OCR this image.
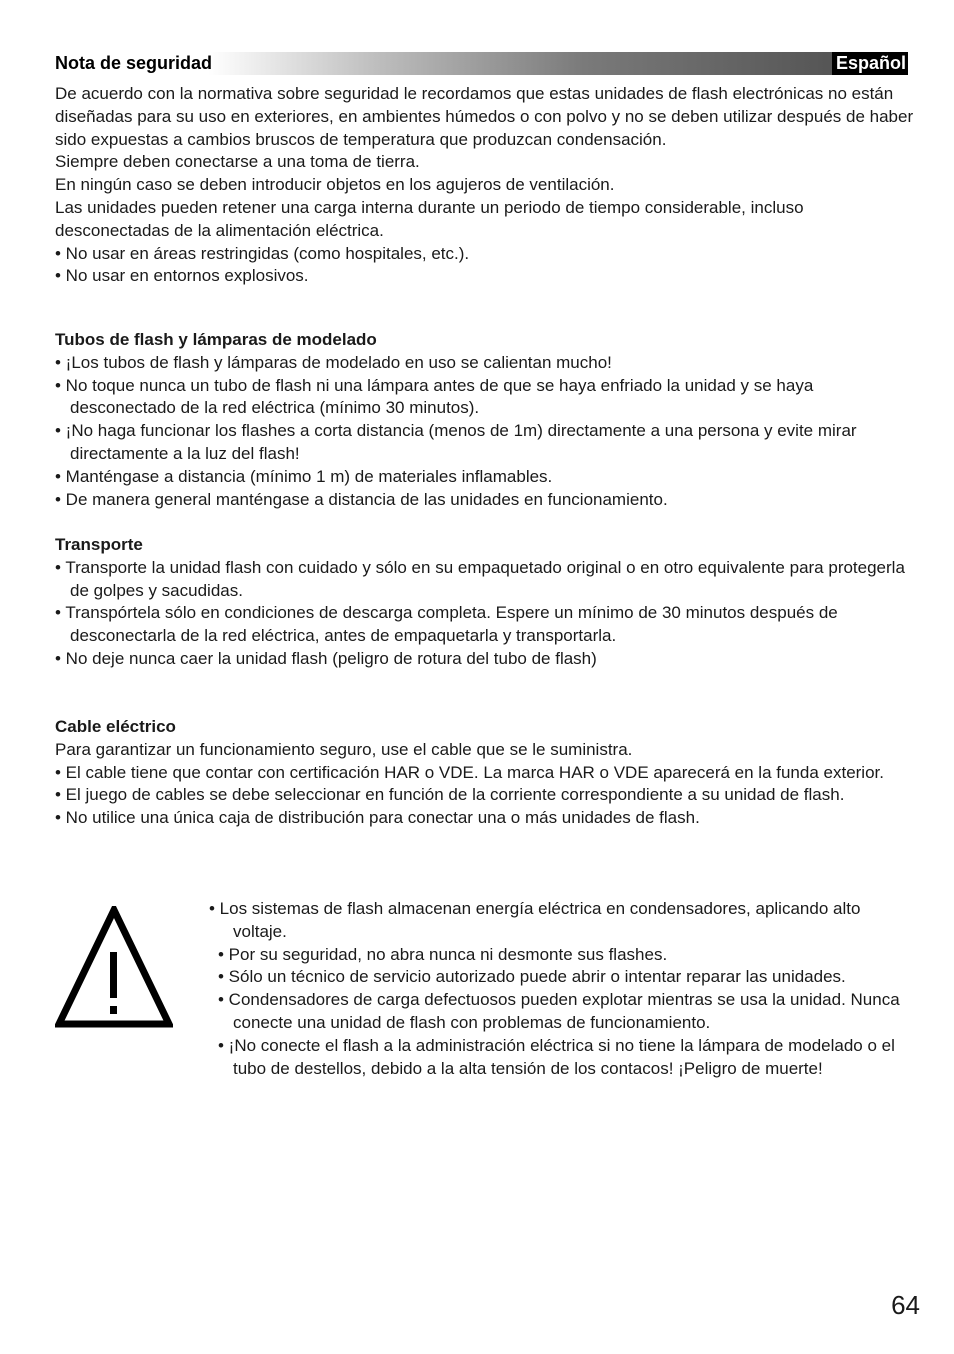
Nota de seguridad	Español

De acuerdo con la normativa sobre seguridad le recordamos que estas unidades de flash electrónicas no están diseñadas para su uso en exteriores, en ambientes húmedos o con polvo y no se deben utilizar después de haber sido expuestas a cambios bruscos de temperatura que produzcan condensación.

Siempre deben conectarse a una toma de tierra.

En ningún caso se deben introducir objetos en los agujeros de ventilación.

Las unidades pueden retener una carga interna durante un periodo de tiempo considerable, incluso desconectadas de la alimentación eléctrica.

• No usar en áreas restringidas (como hospitales, etc.).

• No usar en entornos explosivos.

Tubos de flash y lámparas de modelado

• ¡Los tubos de flash y lámparas de modelado en uso se calientan mucho!

• No toque nunca un tubo de flash ni una lámpara antes de que se haya enfriado la unidad y se haya desconectado de la red eléctrica (mínimo 30 minutos).

• ¡No haga funcionar los flashes a corta distancia (menos de 1m) directamente a una persona y evite mirar directamente a la luz del flash!

• Manténgase a distancia (mínimo 1 m) de materiales inflamables.

• De manera general manténgase a distancia de las unidades en funcionamiento.

Transporte

• Transporte la unidad flash con cuidado y sólo en su empaquetado original o en otro equivalente para protegerla de golpes y sacudidas.

• Transpórtela sólo en condiciones de descarga completa. Espere un mínimo de 30 minutos después de desconectarla de la red eléctrica, antes de empaquetarla y transportarla.

• No deje nunca caer la unidad flash (peligro de rotura del tubo de flash)

Cable eléctrico

Para garantizar un funcionamiento seguro, use el cable que se le suministra.

• El cable tiene que contar con certificación HAR o VDE. La marca HAR o VDE aparecerá en la funda exterior.

• El juego de cables se debe seleccionar en función de la corriente correspondiente a su unidad de flash.

• No utilice una única caja de distribución para conectar una o más unidades de flash.

• Los sistemas de flash almacenan energía eléctrica en condensadores, aplicando alto voltaje.

• Por su seguridad, no abra nunca ni desmonte sus flashes.

• Sólo un técnico de servicio autorizado puede abrir o intentar reparar las unidades.

• Condensadores de carga defectuosos pueden explotar mientras se usa la unidad. Nunca conecte una unidad de flash con problemas de funcionamiento.

• ¡No conecte el flash a la administración eléctrica si no tiene la lámpara de modelado o el tubo de destellos, debido a la alta tensión de los contacos! ¡Peligro de muerte!

64
